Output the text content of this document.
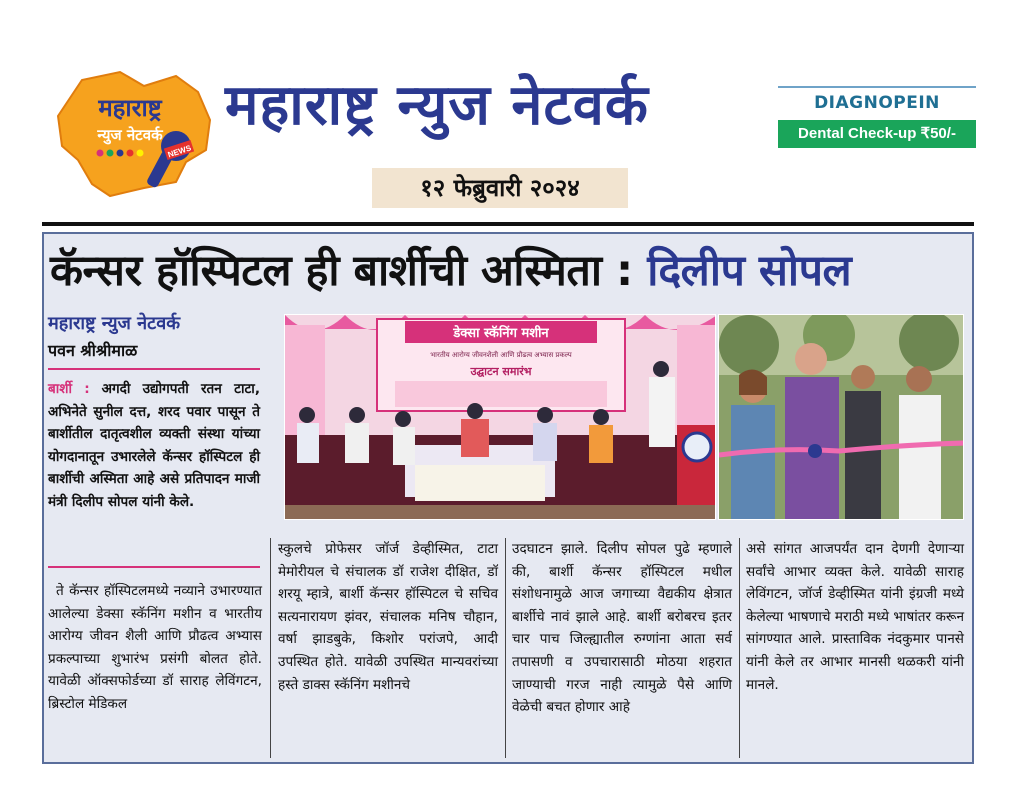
महाराष्ट्र
न्युज नेटवर्क
NEWS
महाराष्ट्र न्युज नेटवर्क	DIAGNOPEIN
Dental Check-up ₹50/-
१२ फेब्रुवारी २०२४
कॅन्सर हॉस्पिटल ही बार्शीची अस्मिता : दिलीप सोपल
महाराष्ट्र न्युज नेटवर्क
पवन श्रीश्रीमाळ
बार्शी : अगदी उद्योगपती रतन टाटा, अभिनेते सुनील दत्त, शरद पवार पासून ते बार्शीतील दातृत्वशील व्यक्ती संस्था यांच्या योगदानातून उभारलेले कॅन्सर हॉस्पिटल ही बार्शीची अस्मिता आहे असे प्रतिपादन माजी मंत्री दिलीप सोपल यांनी केले.
ते कॅन्सर हॉस्पिटलमध्ये नव्याने उभारण्यात आलेल्या डेक्सा स्कॅनिंग मशीन व भारतीय आरोग्य जीवन शैली आणि प्रौढत्व अभ्यास प्रकल्पाच्या शुभारंभ प्रसंगी बोलत होते. यावेळी ऑक्सफोर्डच्या डॉ साराह लेविंगटन, ब्रिस्टोल मेडिकल
स्कुलचे प्रोफेसर जॉर्ज डेव्हीस्मित, टाटा मेमोरीयल चे संचालक डॉ राजेश दीक्षित, डॉ शरयू म्हात्रे, बार्शी कॅन्सर हॉस्पिटल चे सचिव सत्यनारायण झंवर, संचालक मनिष चौहान, वर्षा झाडबुके, किशोर परांजपे, आदी उपस्थित होते. यावेळी उपस्थित मान्यवरांच्या हस्ते डाक्स स्कॅनिंग मशीनचे
उदघाटन झाले. दिलीप सोपल पुढे म्हणाले की, बार्शी कॅन्सर हॉस्पिटल मधील संशोधनामुळे आज जगाच्या वैद्यकीय क्षेत्रात बार्शीचे नावं झाले आहे. बार्शी बरोबरच इतर चार पाच जिल्ह्यातील रुग्णांना आता सर्व तपासणी व उपचारासाठी मोठया शहरात जाण्याची गरज नाही त्यामुळे पैसे आणि वेळेची बचत होणार आहे
असे सांगत आजपर्यंत दान देणगी देणाऱ्या सर्वांचे आभार व्यक्त केले. यावेळी साराह लेविंगटन, जॉर्ज डेव्हीस्मित यांनी इंग्रजी मध्ये केलेल्या भाषणाचे मराठी मध्ये भाषांतर करून सांगण्यात आले. प्रास्ताविक नंदकुमार पानसे यांनी केले तर आभार मानसी थळकरी यांनी मानले.
डेक्सा स्कॅनिंग मशीन
भारतीय आरोग्य जीवनशैली आणि प्रौढत्व अभ्यास प्रकल्प
उद्घाटन समारंभ
